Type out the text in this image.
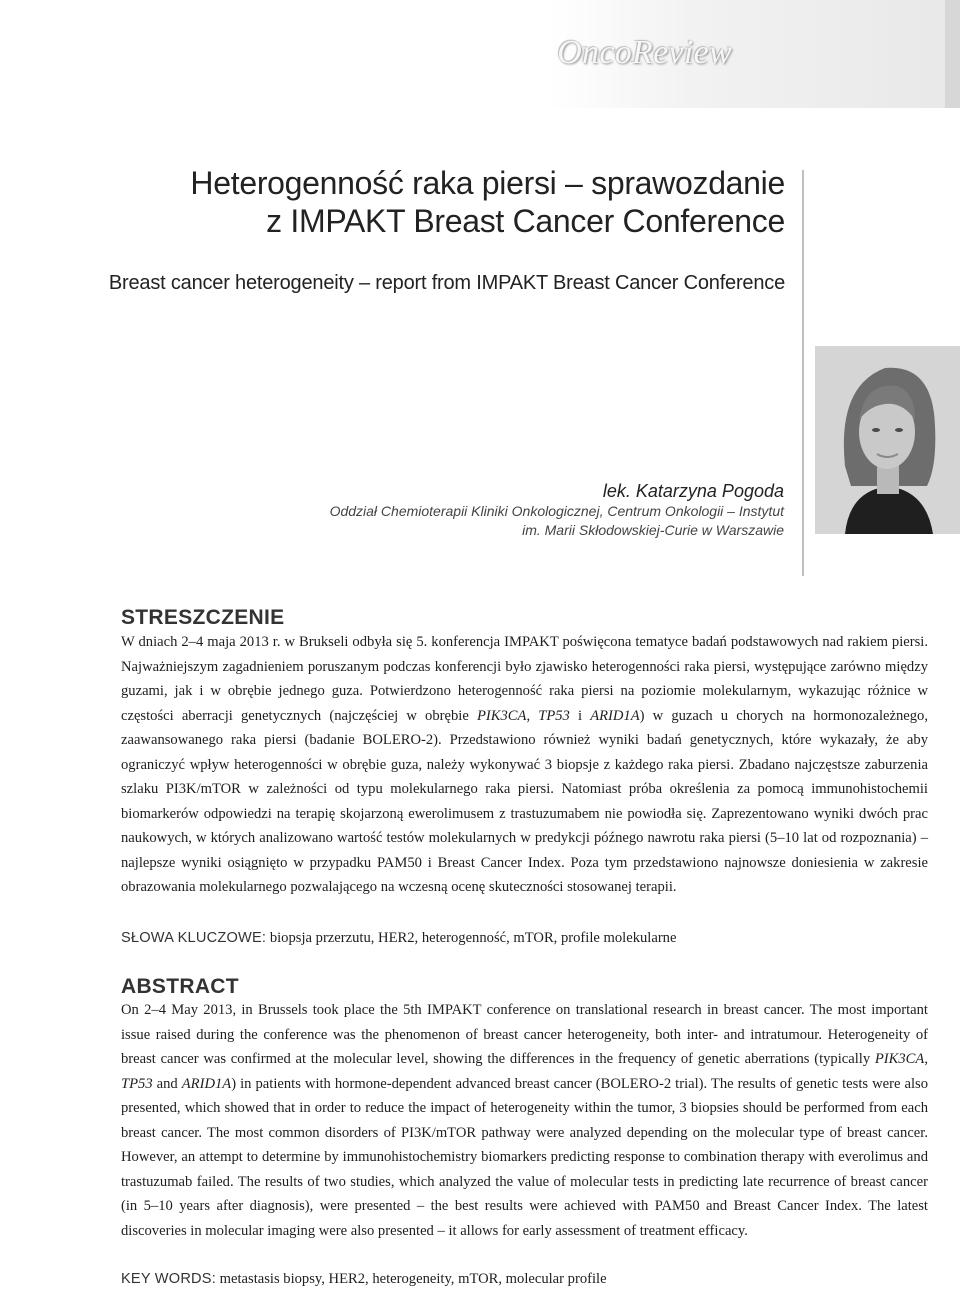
OncoReview
Heterogenność raka piersi – sprawozdanie
z IMPAKT Breast Cancer Conference

Breast cancer heterogeneity – report from IMPAKT Breast Cancer Conference

lek. Katarzyna Pogoda
Oddział Chemioterapii Kliniki Onkologicznej, Centrum Onkologii – Instytut
im. Marii Skłodowskiej-Curie w Warszawie
STRESZCZENIE

W dniach 2–4 maja 2013 r. w Brukseli odbyła się 5. konferencja IMPAKT poświęcona tematyce badań podstawowych nad rakiem piersi. Najważniejszym zagadnieniem poruszanym podczas konferencji było zjawisko heterogenności raka piersi, występujące zarówno między guzami, jak i w obrębie jednego guza. Potwierdzono heterogenność raka piersi na poziomie molekularnym, wykazując różnice w częstości aberracji genetycznych (najczęściej w obrębie PIK3CA, TP53 i ARID1A) w guzach u chorych na hormonozależnego, zaawansowanego raka piersi (badanie BOLERO-2). Przedstawiono również wyniki badań genetycznych, które wykazały, że aby ograniczyć wpływ heterogenności w obrębie guza, należy wykonywać 3 biopsje z każdego raka piersi. Zbadano najczęstsze zaburzenia szlaku PI3K/mTOR w zależności od typu molekularnego raka piersi. Natomiast próba określenia za pomocą immunohistochemii biomarkerów odpowiedzi na terapię skojarzoną ewerolimusem z trastuzumabem nie powiodła się. Zaprezentowano wyniki dwóch prac naukowych, w których analizowano wartość testów molekularnych w predykcji późnego nawrotu raka piersi (5–10 lat od rozpoznania) – najlepsze wyniki osiągnięto w przypadku PAM50 i Breast Cancer Index. Poza tym przedstawiono najnowsze doniesienia w zakresie obrazowania molekularnego pozwalającego na wczesną ocenę skuteczności stosowanej terapii.

SŁOWA KLUCZOWE: biopsja przerzutu, HER2, heterogenność, mTOR, profile molekularne

ABSTRACT

On 2–4 May 2013, in Brussels took place the 5th IMPAKT conference on translational research in breast cancer. The most important issue raised during the conference was the phenomenon of breast cancer heterogeneity, both inter- and intratumour. Heterogeneity of breast cancer was confirmed at the molecular level, showing the differences in the frequency of genetic aberrations (typically PIK3CA, TP53 and ARID1A) in patients with hormone-dependent advanced breast cancer (BOLERO-2 trial). The results of genetic tests were also presented, which showed that in order to reduce the impact of heterogeneity within the tumor, 3 biopsies should be performed from each breast cancer. The most common disorders of PI3K/mTOR pathway were analyzed depending on the molecular type of breast cancer. However, an attempt to determine by immunohistochemistry biomarkers predicting response to combination therapy with everolimus and trastuzumab failed. The results of two studies, which analyzed the value of molecular tests in predicting late recurrence of breast cancer (in 5–10 years after diagnosis), were presented – the best results were achieved with PAM50 and Breast Cancer Index. The latest discoveries in molecular imaging were also presented – it allows for early assessment of treatment efficacy.

KEY WORDS: metastasis biopsy, HER2, heterogeneity, mTOR, molecular profile
